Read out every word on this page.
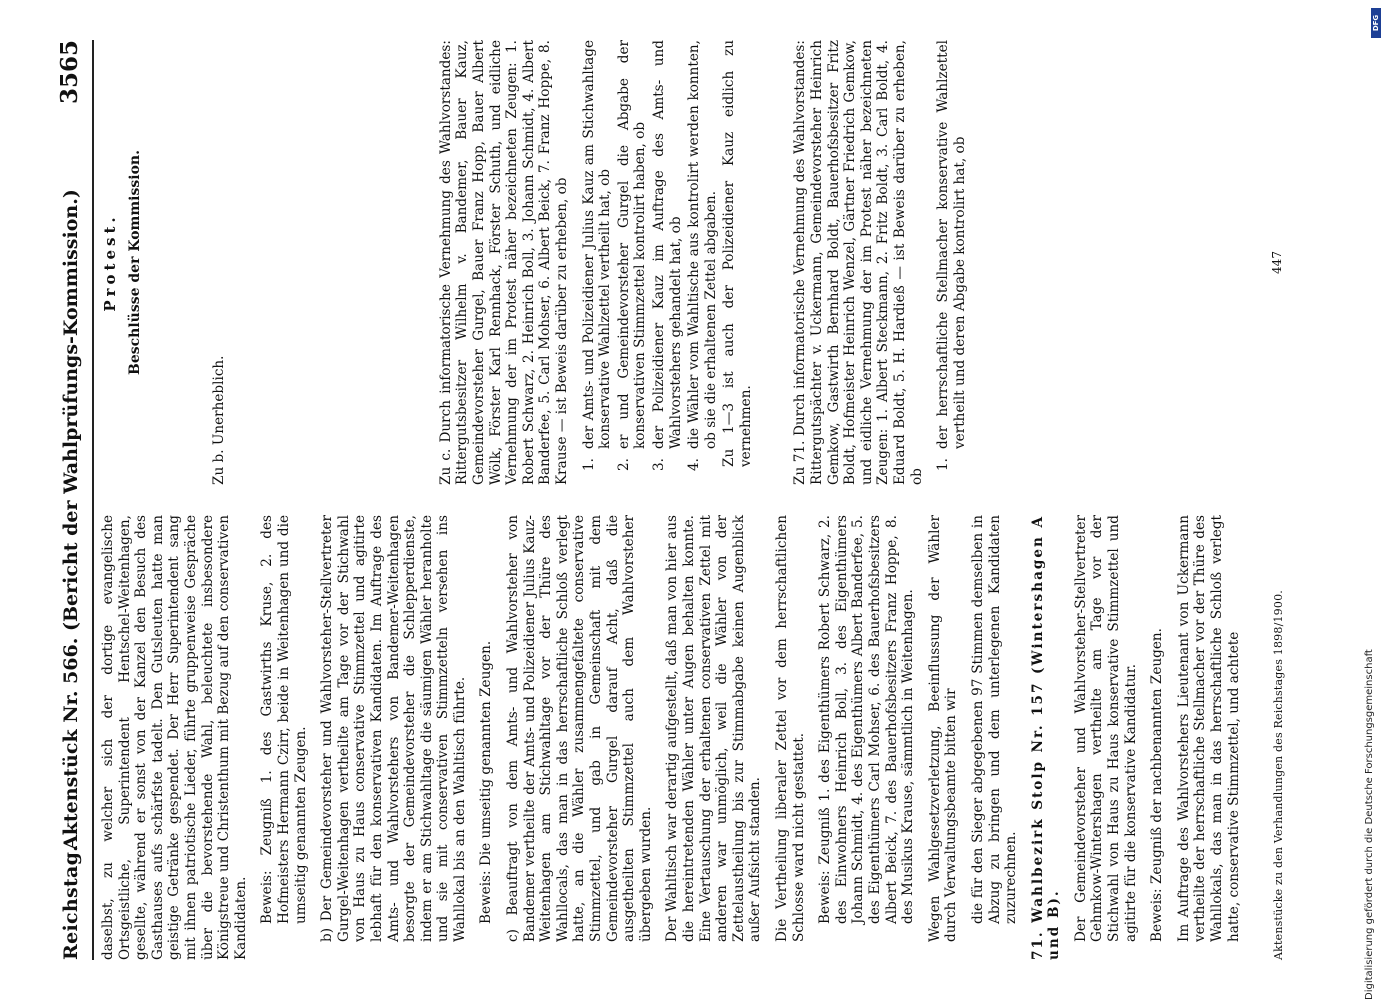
Reichstag.
Aktenstück Nr. 566. (Bericht der Wahlprüfungs-Kommission.)
3565

daselbst, zu welcher sich der dortige evangelische Ortsgeistliche, Superintendent Hentschel-Weitenhagen, gesellte, während er sonst von der Kanzel den Besuch des Gasthauses aufs schärfste tadelt. Den Gutsleuten hatte man geistige Getränke gespendet. Der Herr Superintendent sang mit ihnen patriotische Lieder, führte gruppenweise Gespräche über die bevorstehende Wahl, beleuchtete insbesondere Königstreue und Christenthum mit Bezug auf den conservativen Kandidaten. Beweis: Zeugniß 1. des Gastwirths Kruse, 2. des Hofmeisters Hermann Czirr, beide in Weitenhagen und die umseitig genannten Zeugen. b) Der Gemeindevorsteher und Wahlvorsteher-Stellvertreter Gurgel-Weitenhagen vertheilte am Tage vor der Stichwahl von Haus zu Haus conservative Stimmzettel und agitirte lebhaft für den konservativen Kandidaten. Im Auftrage des Amts- und Wahlvorstehers von Bandemer-Weitenhagen besorgte der Gemeindevorsteher die Schlepperdienste, indem er am Stichwahltage die säumigen Wähler heranholte und sie mit conservativen Stimmzetteln versehen ins Wahllokal bis an den Wahltisch führte. Beweis: Die umseitig genannten Zeugen. c) Beauftragt von dem Amts- und Wahlvorsteher von Bandemer vertheilte der Amts- und Polizeidiener Julius Kauz-Weitenhagen am Stichwahltage vor der Thüre des Wahllocals, das man in das herrschaftliche Schloß verlegt hatte, an die Wähler zusammengefaltete conservative Stimmzettel, und gab in Gemeinschaft mit dem Gemeindevorsteher Gurgel darauf Acht, daß die ausgetheilten Stimmzettel auch dem Wahlvorsteher übergeben wurden. Der Wahltisch war derartig aufgestellt, daß man von hier aus die hereintretenden Wähler unter Augen behalten konnte. Eine Vertauschung der erhaltenen conservativen Zettel mit anderen war unmöglich, weil die Wähler von der Zettelaustheilung bis zur Stimmabgabe keinen Augenblick außer Aufsicht standen. Die Vertheilung liberaler Zettel vor dem herrschaftlichen Schlosse ward nicht gestattet. Beweis: Zeugniß 1. des Eigenthümers Robert Schwarz, 2. des Einwohners Heinrich Boll, 3. des Eigenthümers Johann Schmidt, 4. des Eigenthümers Albert Banderfee, 5. des Eigenthümers Carl Mohser, 6. des Bauerhofsbesitzers Albert Beick, 7. des Bauerhofsbesitzers Franz Hoppe, 8. des Musikus Krause, sämmtlich in Weitenhagen. Wegen Wahlgesetzverletzung, Beeinflussung der Wähler durch Verwaltungsbeamte bitten wir die für den Sieger abgegebenen 97 Stimmen demselben in Abzug zu bringen und dem unterlegenen Kandidaten zuzurechnen. 71. Wahlbezirk Stolp Nr. 157 (Wintershagen A und B). Der Gemeindevorsteher und Wahlvorsteher-Stellvertreter Gehmkow-Wintershagen vertheilte am Tage vor der Stichwahl von Haus zu Haus konservative Stimmzettel und agitirte für die konservative Kandidatur. Beweis: Zeugniß der nachbenannten Zeugen. Im Auftrage des Wahlvorstehers Lieutenant von Uckermann vertheilte der herrschaftliche Stellmacher vor der Thüre des Wahllokals, das man in das herrschaftliche Schloß verlegt hatte, conservative Stimmzettel, und achtete	Aktenstücke zu den Verhandlungen des Reichstages 1898/1900.
Protest. Beschlüsse der Kommission.

Zu b. Unerheblich.	Zu c. Durch informatorische Vernehmung des Wahlvorstandes: Rittergutsbesitzer Wilhelm v. Bandemer, Bauer Kauz, Gemeindevorsteher Gurgel, Bauer Franz Hopp, Bauer Albert Wölk, Förster Karl Rennhack, Förster Schuth, und eidliche Vernehmung der im Protest näher bezeichneten Zeugen: 1. Robert Schwarz, 2. Heinrich Boll, 3. Johann Schmidt, 4. Albert Banderfee, 5. Carl Mohser, 6. Albert Beick, 7. Franz Hoppe, 8. Krause — ist Beweis darüber zu erheben, ob 1.
der Amts- und Polizeidiener Julius Kauz am Stichwahltage konservative Wahlzettel vertheilt hat, ob
2.
er und Gemeindevorsteher Gurgel die Abgabe der konservativen Stimmzettel kontrolirt haben, ob
3.
der Polizeidiener Kauz im Auftrage des Amts- und Wahlvorstehers gehandelt hat, ob
4.
die Wähler vom Wahltische aus kontrolirt werden konnten, ob sie die erhaltenen Zettel abgaben. Zu 1—3 ist auch der Polizeidiener Kauz eidlich zu vernehmen.	Zu 71. Durch informatorische Vernehmung des Wahlvorstandes: Rittergutspächter v. Uckermann, Gemeindevorsteher Heinrich Gemkow, Gastwirth Bernhard Boldt, Bauerhofsbesitzer Fritz Boldt, Hofmeister Heinrich Wenzel, Gärtner Friedrich Gemkow, und eidliche Vernehmung der im Protest näher bezeichneten Zeugen: 1. Albert Steckmann, 2. Fritz Boldt, 3. Carl Boldt, 4. Eduard Boldt, 5. H. Hardieß — ist Beweis darüber zu erheben, ob

1.
der herrschaftliche Stellmacher konservative Wahlzettel vertheilt und deren Abgabe kontrolirt hat, ob	447
Digitalisierung gefördert durch die Deutsche Forschungsgemeinschaft
DFG
